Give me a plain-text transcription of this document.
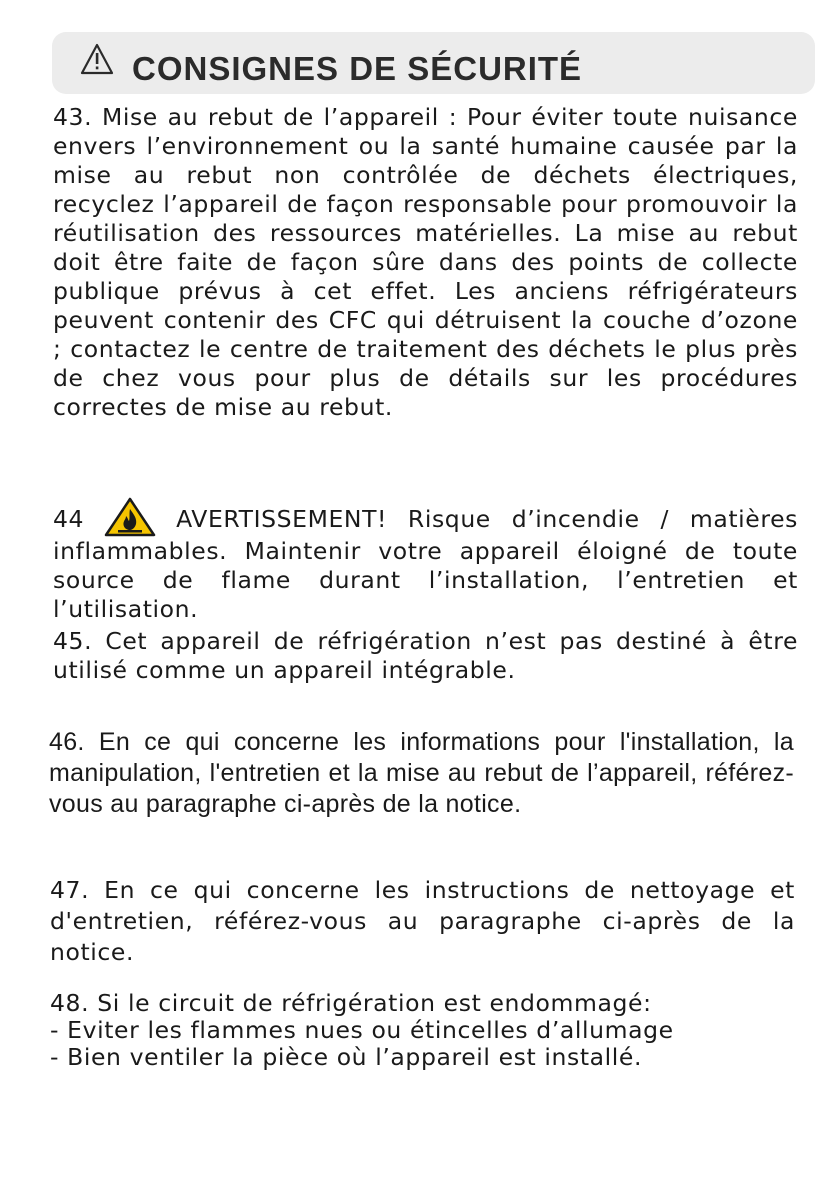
CONSIGNES DE SÉCURITÉ
43. Mise au rebut de l’appareil : Pour éviter toute nuisance envers l’environnement ou la santé humaine causée par la mise au rebut non contrôlée de déchets électriques, recyclez l’appareil de façon responsable pour promouvoir la réutilisation des ressources matérielles. La mise au rebut doit être faite de façon sûre dans des points de collecte publique prévus à cet effet. Les anciens réfrigérateurs peuvent contenir des CFC qui détruisent la couche d’ozone ; contactez le centre de traitement des déchets le plus près de chez vous pour plus de détails sur les procédures correctes de mise au rebut.
44	AVERTISSEMENT! Risque d’incendie / matières inflammables. Maintenir votre appareil éloigné de toute source de flame durant l’installation, l’entretien et l’utilisation.
45. Cet appareil de réfrigération n’est pas destiné à être utilisé comme un appareil intégrable.
46. En ce qui concerne les informations pour l'installation, la manipulation, l'entretien et la mise au rebut de l’appareil, référez-vous au paragraphe ci-après de la notice.
47. En ce qui concerne les instructions de nettoyage et d'entretien, référez-vous au paragraphe ci-après de la notice.
48. Si le circuit de réfrigération est endommagé:
- Eviter les flammes nues ou étincelles d’allumage
- Bien ventiler la pièce où l’appareil est installé.
